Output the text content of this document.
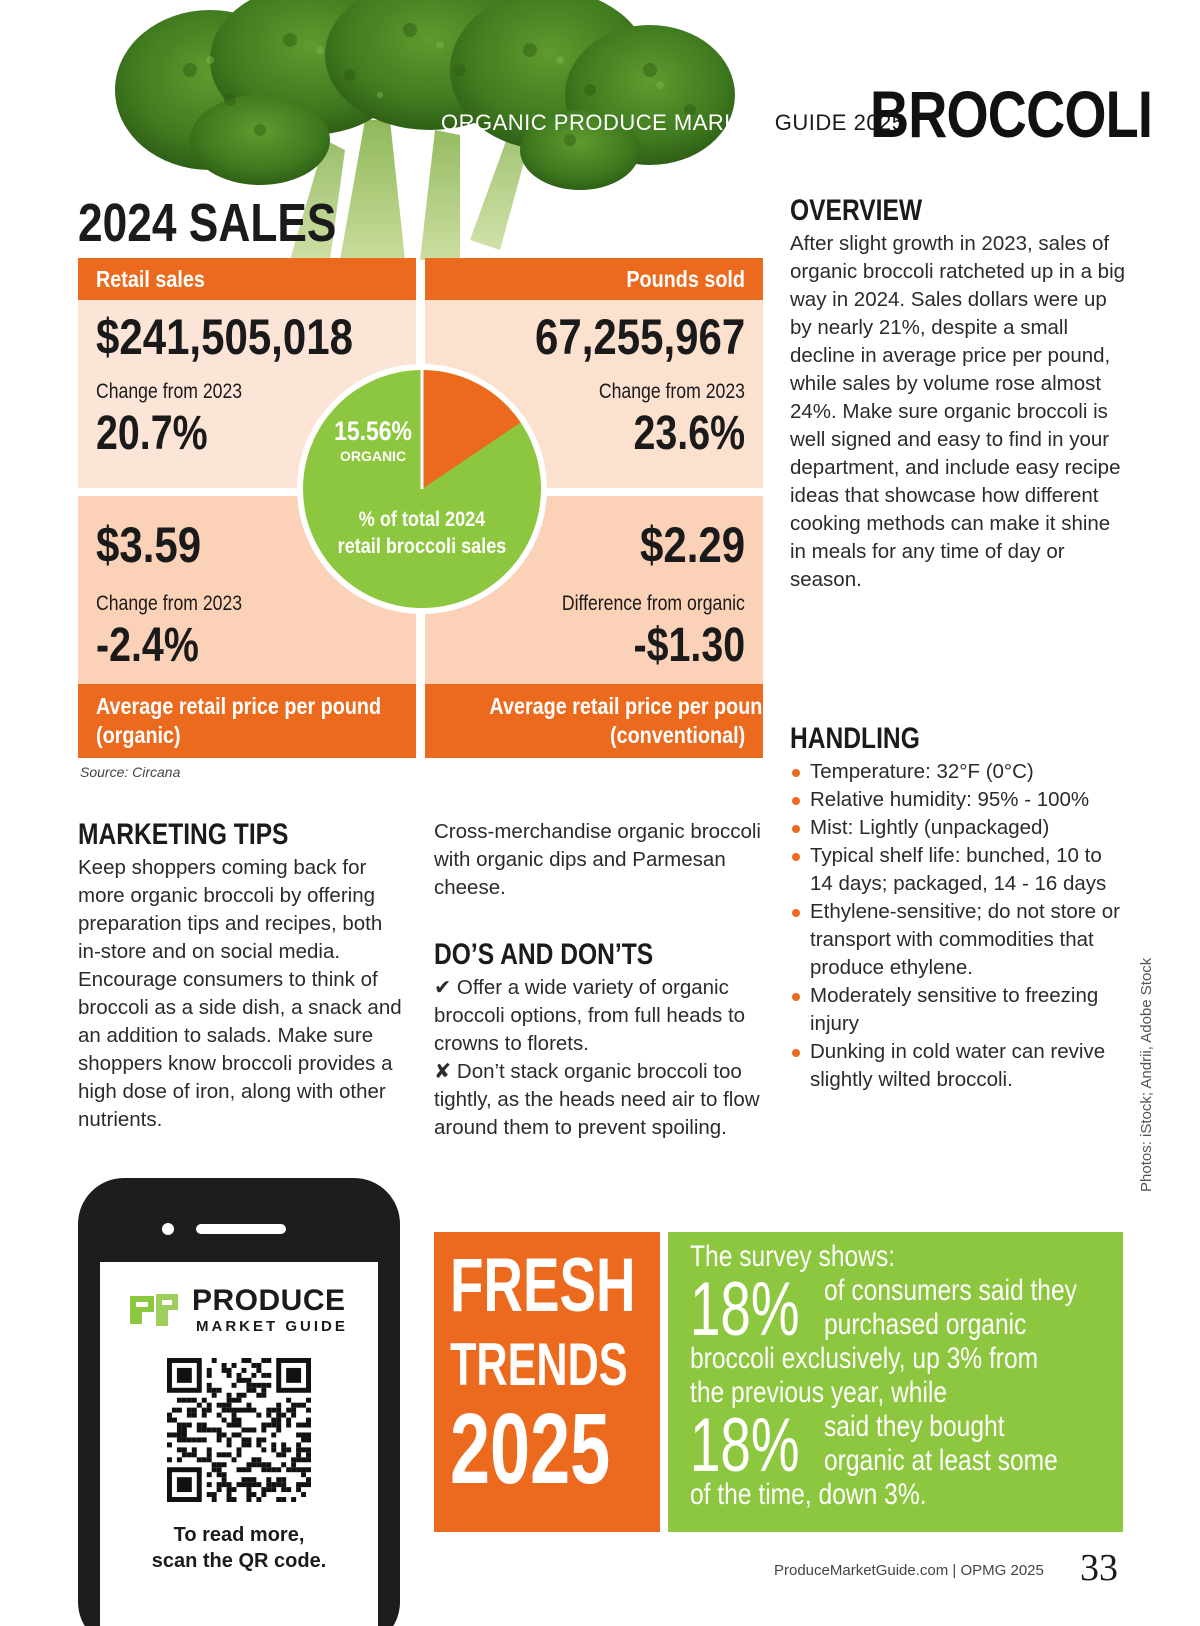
ORGANIC PRODUCE MARKET GUIDE 2025
BROCCOLI
2024 SALES
Retail sales
$241,505,018
Change from 2023
20.7%
Pounds sold
67,255,967
Change from 2023
23.6%
$3.59
Change from 2023
-2.4%
Average retail price per pound
(organic)
$2.29
Difference from organic
-$1.30
Average retail price per pound
(conventional)
15.56%
ORGANIC
% of total 2024
retail broccoli sales
Source: Circana
OVERVIEW
After slight growth in 2023, sales of organic broccoli ratcheted up in a big way in 2024. Sales dollars were up by nearly 21%, despite a small decline in average price per pound, while sales by volume rose almost 24%. Make sure organic broccoli is well signed and easy to find in your department, and include easy recipe ideas that showcase how different cooking methods can make it shine in meals for any time of day or season.
HANDLING
Temperature: 32°F (0°C)
Relative humidity: 95% - 100%
Mist: Lightly (unpackaged)
Typical shelf life: bunched, 10 to 14 days; packaged, 14 - 16 days
Ethylene-sensitive; do not store or transport with commodities that produce ethylene.
Moderately sensitive to freezing injury
Dunking in cold water can revive slightly wilted broccoli.
MARKETING TIPS
Keep shoppers coming back for more organic broccoli by offering preparation tips and recipes, both in-store and on social media. Encourage consumers to think of broccoli as a side dish, a snack and an addition to salads. Make sure shoppers know broccoli provides a high dose of iron, along with other nutrients.
Cross-merchandise organic broccoli with organic dips and Parmesan cheese.
DO’S AND DON’TS
✔ Offer a wide variety of organic broccoli options, from full heads to crowns to florets.
✘ Don’t stack organic broccoli too tightly, as the heads need air to flow around them to prevent spoiling.	Photos: iStock; Andrii, Adobe Stock
PRODUCE
MARKET GUIDE
To read more,
scan the QR code.
FRESH
TRENDS
2025
The survey shows:
18% of consumers said they
purchased organic
broccoli exclusively, up 3% from
the previous year, while
18% said they bought
organic at least some
of the time, down 3%.
ProduceMarketGuide.com | OPMG 2025 33
